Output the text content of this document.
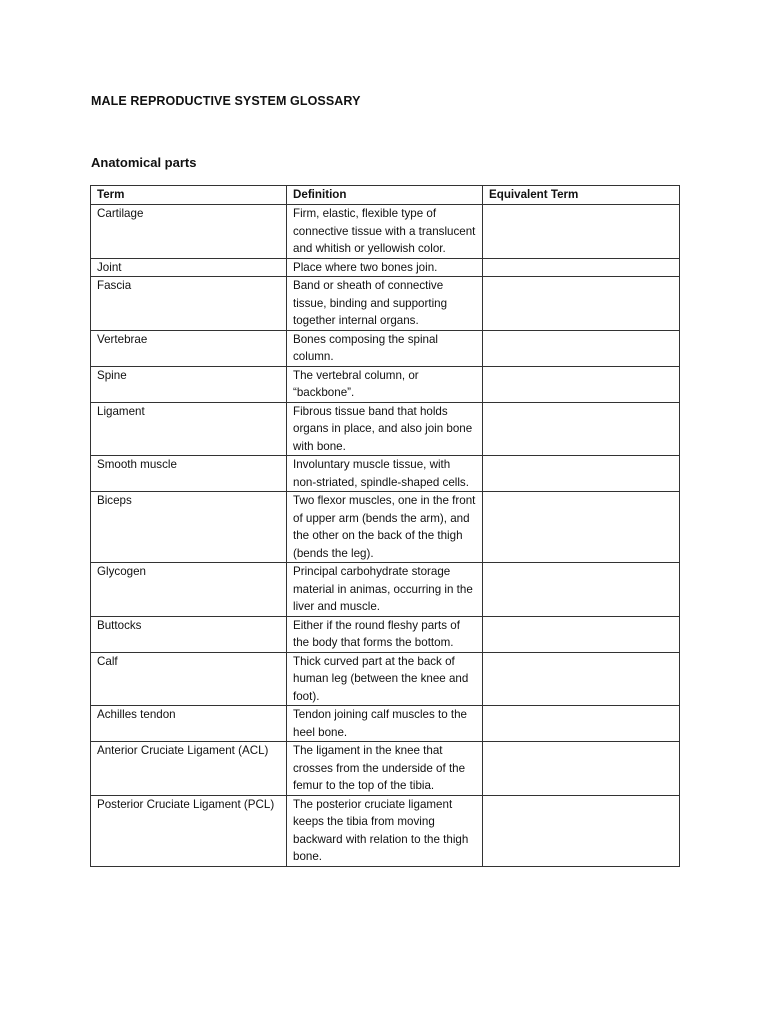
MALE REPRODUCTIVE SYSTEM GLOSSARY
Anatomical parts
Term	Definition	Equivalent Term
Cartilage	Firm, elastic, flexible type of connective tissue with a translucent and whitish or yellowish color.	
Joint	Place where two bones join.	
Fascia	Band or sheath of connective tissue, binding and supporting together internal organs.	
Vertebrae	Bones composing the spinal column.	
Spine	The vertebral column, or “backbone”.	
Ligament	Fibrous tissue band that holds organs in place, and also join bone with bone.	
Smooth muscle	Involuntary muscle tissue, with non-striated, spindle-shaped cells.	
Biceps	Two flexor muscles, one in the front of upper arm (bends the arm), and the other on the back of the thigh (bends the leg).	
Glycogen	Principal carbohydrate storage material in animas, occurring in the liver and muscle.	
Buttocks	Either if the round fleshy parts of the body that forms the bottom.	
Calf	Thick curved part at the back of human leg (between the knee and foot).	
Achilles tendon	Tendon joining calf muscles to the heel bone.	
Anterior Cruciate Ligament (ACL)	The ligament in the knee that crosses from the underside of the femur to the top of the tibia.	
Posterior Cruciate Ligament (PCL)	The posterior cruciate ligament keeps the tibia from moving backward with relation to the thigh bone.	
